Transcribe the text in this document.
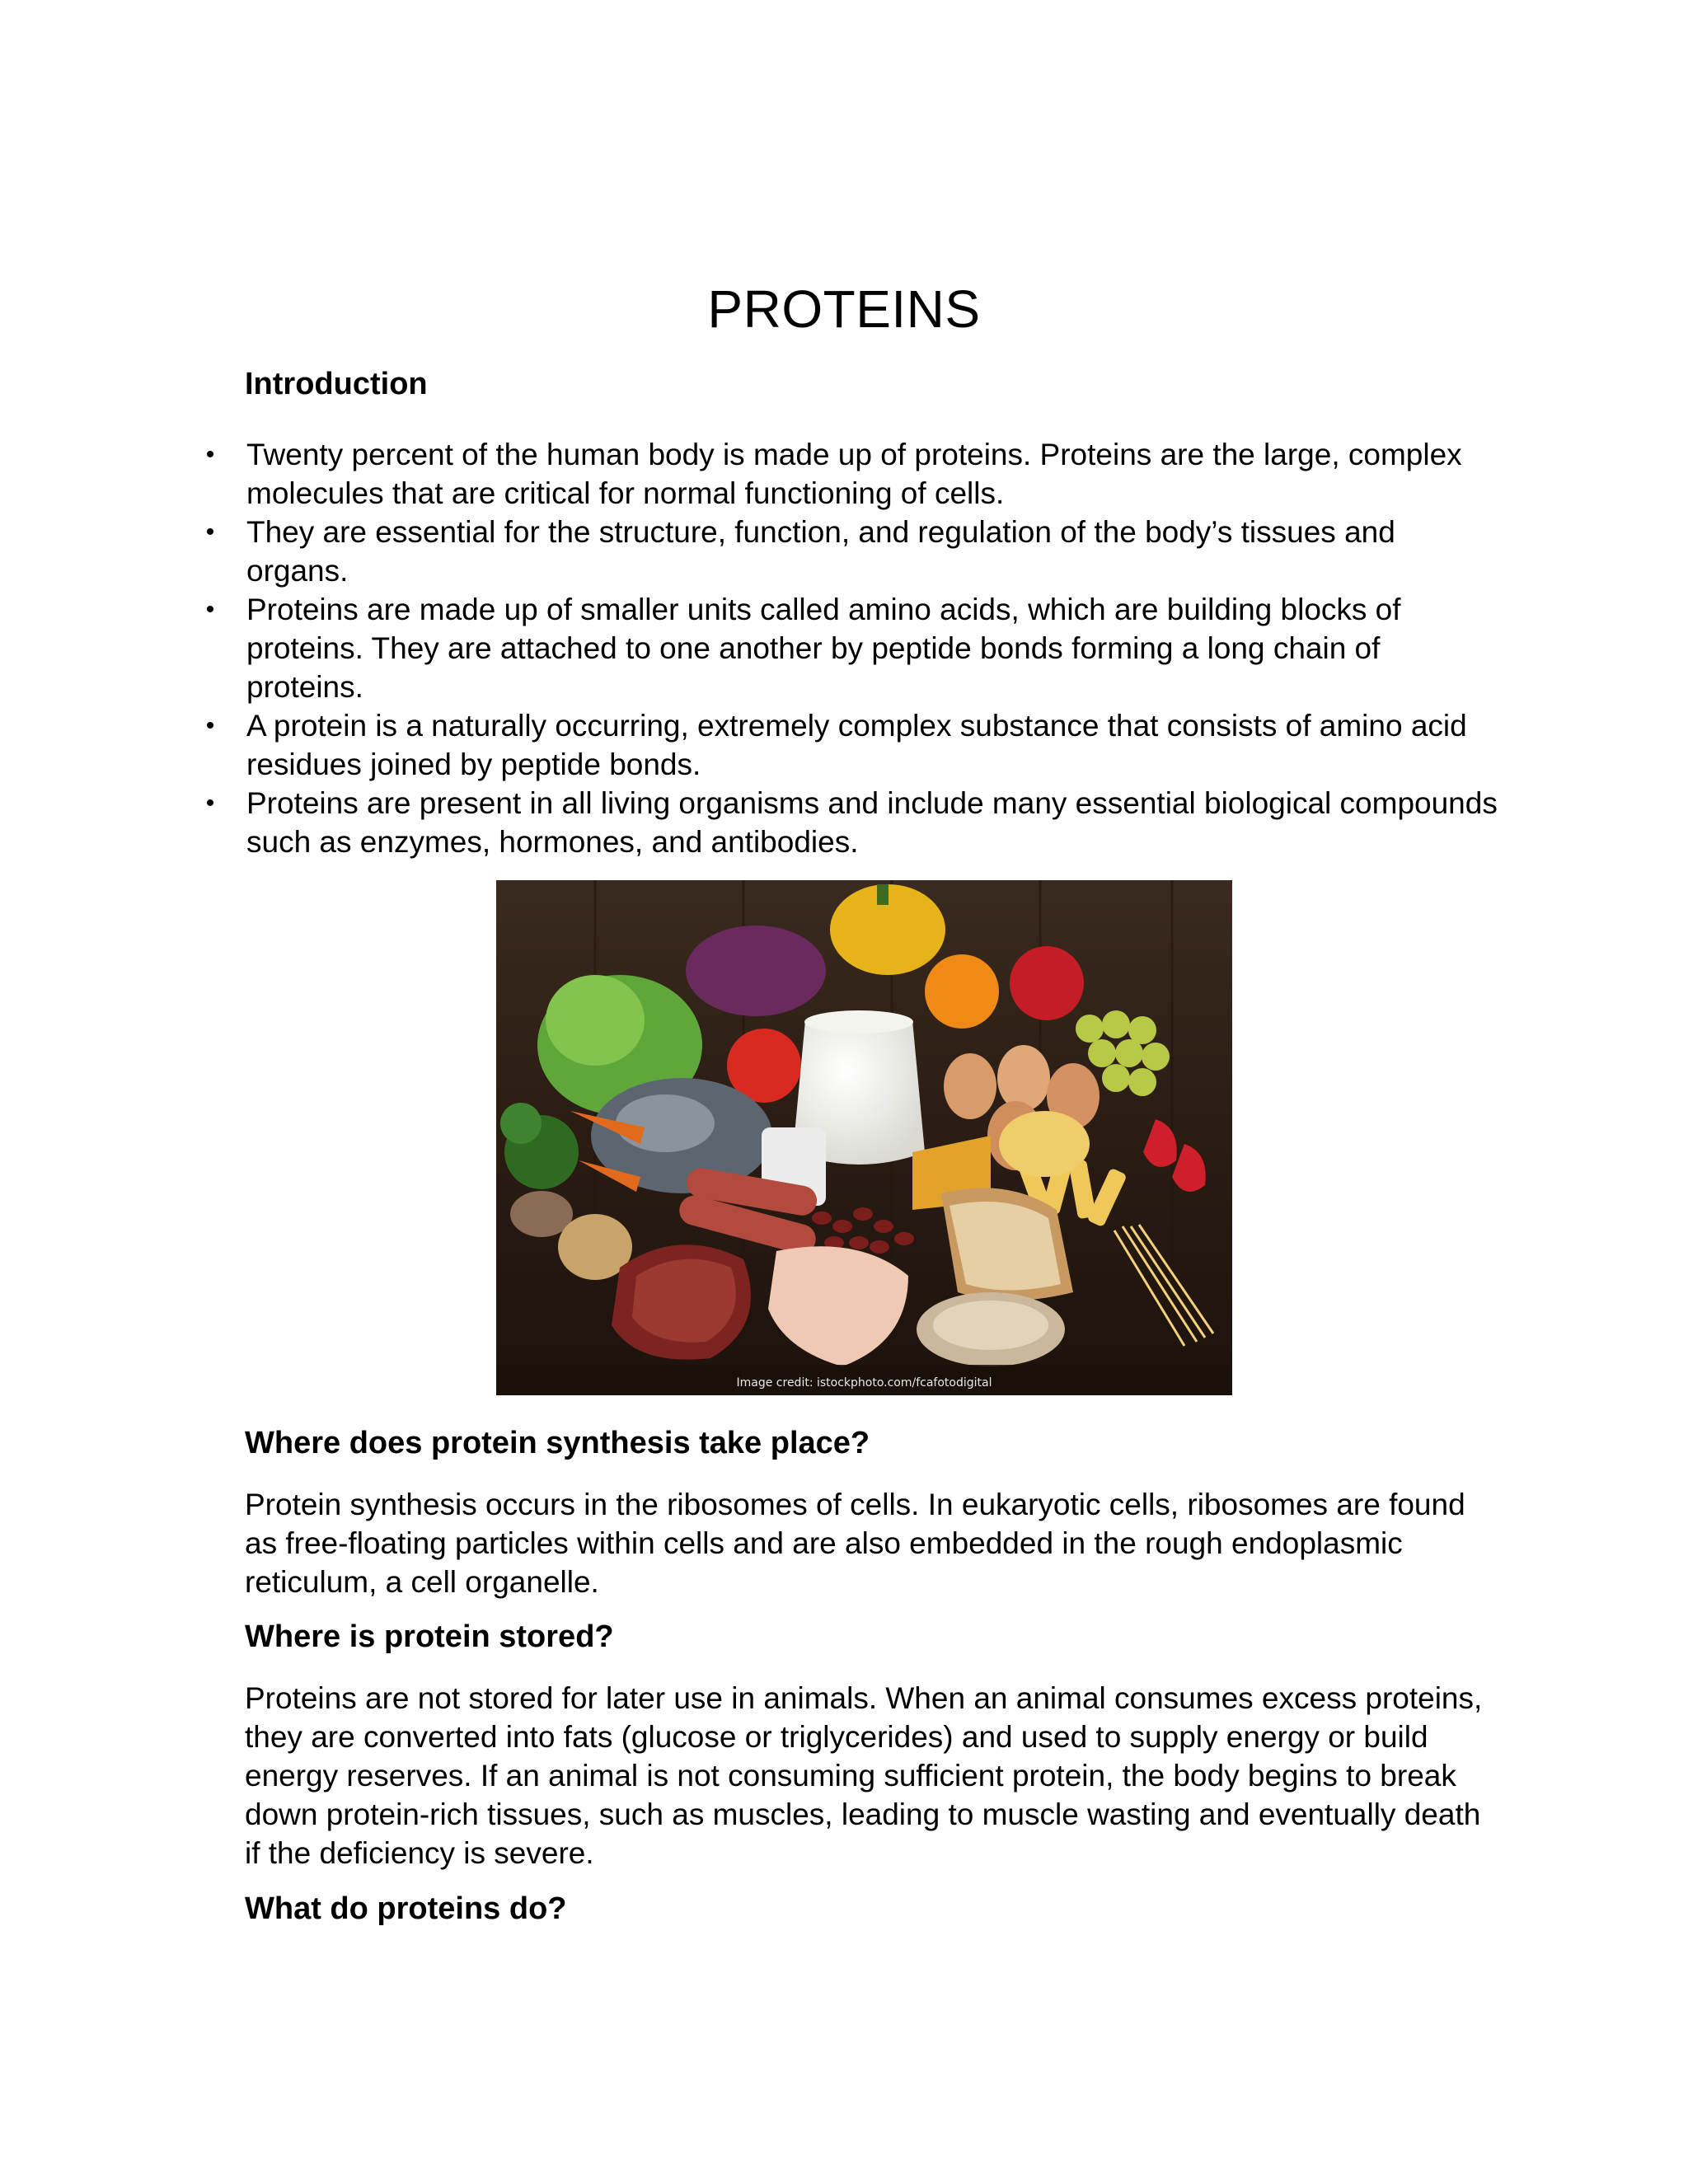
PROTEINS
Introduction
• Twenty percent of the human body is made up of proteins. Proteins are the large, complex molecules that are critical for normal functioning of cells.
• They are essential for the structure, function, and regulation of the body’s tissues and organs.
• Proteins are made up of smaller units called amino acids, which are building blocks of proteins. They are attached to one another by peptide bonds forming a long chain of proteins.
• A protein is a naturally occurring, extremely complex substance that consists of amino acid residues joined by peptide bonds.
• Proteins are present in all living organisms and include many essential biological compounds such as enzymes, hormones, and antibodies.
Image credit: istockphoto.com/fcafotodigital
Where does protein synthesis take place?

Protein synthesis occurs in the ribosomes of cells. In eukaryotic cells, ribosomes are found as free-floating particles within cells and are also embedded in the rough endoplasmic reticulum, a cell organelle.

Where is protein stored?

Proteins are not stored for later use in animals. When an animal consumes excess proteins, they are converted into fats (glucose or triglycerides) and used to supply energy or build energy reserves. If an animal is not consuming sufficient protein, the body begins to break down protein-rich tissues, such as muscles, leading to muscle wasting and eventually death if the deficiency is severe.

What do proteins do?
